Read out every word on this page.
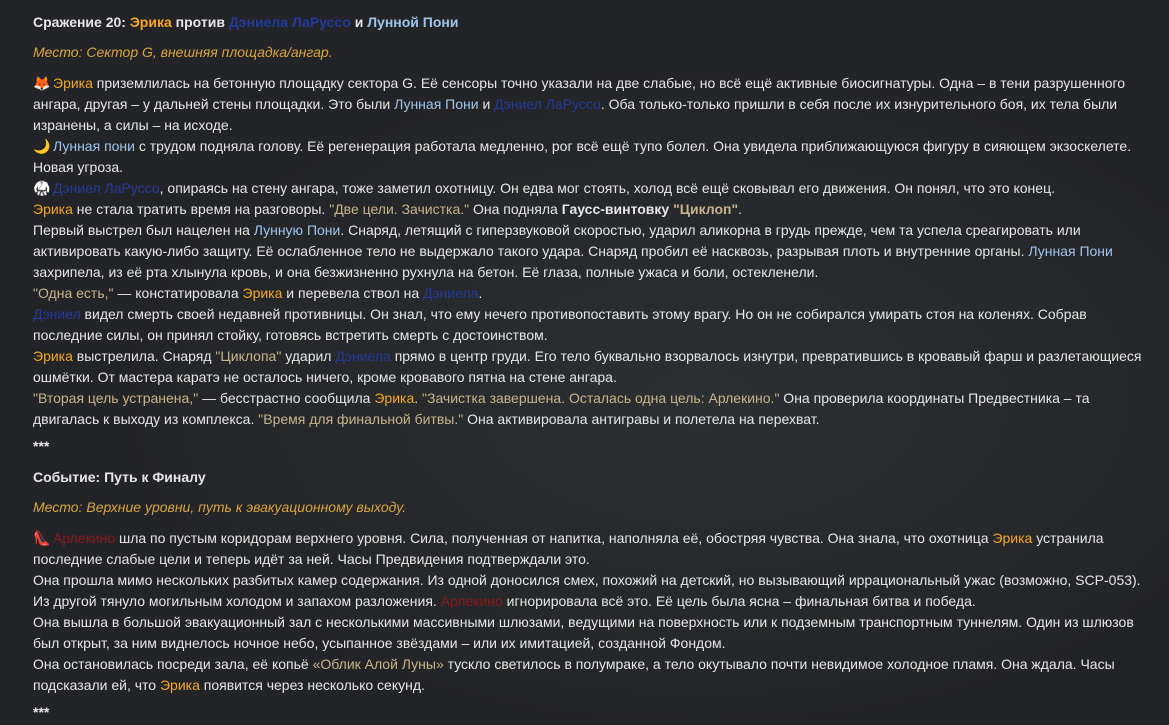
Сражение 20: Эрика против Дэниела ЛаРуссо и Лунной Пони

Место: Сектор G, внешняя площадка/ангар.

🦊 Эрика приземлилась на бетонную площадку сектора G. Её сенсоры точно указали на две слабые, но всё ещё активные биосигнатуры. Одна – в тени разрушенного ангара, другая – у дальней стены площадки. Это были Лунная Пони и Дэниел ЛаРуссо. Оба только-только пришли в себя после их изнурительного боя, их тела были изранены, а силы – на исходе.

🌙 Лунная пони с трудом подняла голову. Её регенерация работала медленно, рог всё ещё тупо болел. Она увидела приближающуюся фигуру в сияющем экзоскелете. Новая угроза.

🥋 Дэниел ЛаРуссо, опираясь на стену ангара, тоже заметил охотницу. Он едва мог стоять, холод всё ещё сковывал его движения. Он понял, что это конец.

Эрика не стала тратить время на разговоры. "Две цели. Зачистка." Она подняла Гаусс-винтовку "Циклоп".

Первый выстрел был нацелен на Лунную Пони. Снаряд, летящий с гиперзвуковой скоростью, ударил аликорна в грудь прежде, чем та успела среагировать или активировать какую-либо защиту. Её ослабленное тело не выдержало такого удара. Снаряд пробил её насквозь, разрывая плоть и внутренние органы. Лунная Пони захрипела, из её рта хлынула кровь, и она безжизненно рухнула на бетон. Её глаза, полные ужаса и боли, остекленели.

"Одна есть," — констатировала Эрика и перевела ствол на Дэниела.

Дэниел видел смерть своей недавней противницы. Он знал, что ему нечего противопоставить этому врагу. Но он не собирался умирать стоя на коленях. Собрав последние силы, он принял стойку, готовясь встретить смерть с достоинством.

Эрика выстрелила. Снаряд "Циклопа" ударил Дэниела прямо в центр груди. Его тело буквально взорвалось изнутри, превратившись в кровавый фарш и разлетающиеся ошмётки. От мастера каратэ не осталось ничего, кроме кровавого пятна на стене ангара.

"Вторая цель устранена," — бесстрастно сообщила Эрика. "Зачистка завершена. Осталась одна цель: Арлекино." Она проверила координаты Предвестника – та двигалась к выходу из комплекса. "Время для финальной битвы." Она активировала антигравы и полетела на перехват.

***

Событие: Путь к Финалу

Место: Верхние уровни, путь к эвакуационному выходу.

👠 Арлекино шла по пустым коридорам верхнего уровня. Сила, полученная от напитка, наполняла её, обостряя чувства. Она знала, что охотница Эрика устранила последние слабые цели и теперь идёт за ней. Часы Предвидения подтверждали это.

Она прошла мимо нескольких разбитых камер содержания. Из одной доносился смех, похожий на детский, но вызывающий иррациональный ужас (возможно, SCP-053). Из другой тянуло могильным холодом и запахом разложения. Арлекино игнорировала всё это. Её цель была ясна – финальная битва и победа.

Она вышла в большой эвакуационный зал с несколькими массивными шлюзами, ведущими на поверхность или к подземным транспортным туннелям. Один из шлюзов был открыт, за ним виднелось ночное небо, усыпанное звёздами – или их имитацией, созданной Фондом.

Она остановилась посреди зала, её копьё «Облик Алой Луны» тускло светилось в полумраке, а тело окутывало почти невидимое холодное пламя. Она ждала. Часы подсказали ей, что Эрика появится через несколько секунд.

***
